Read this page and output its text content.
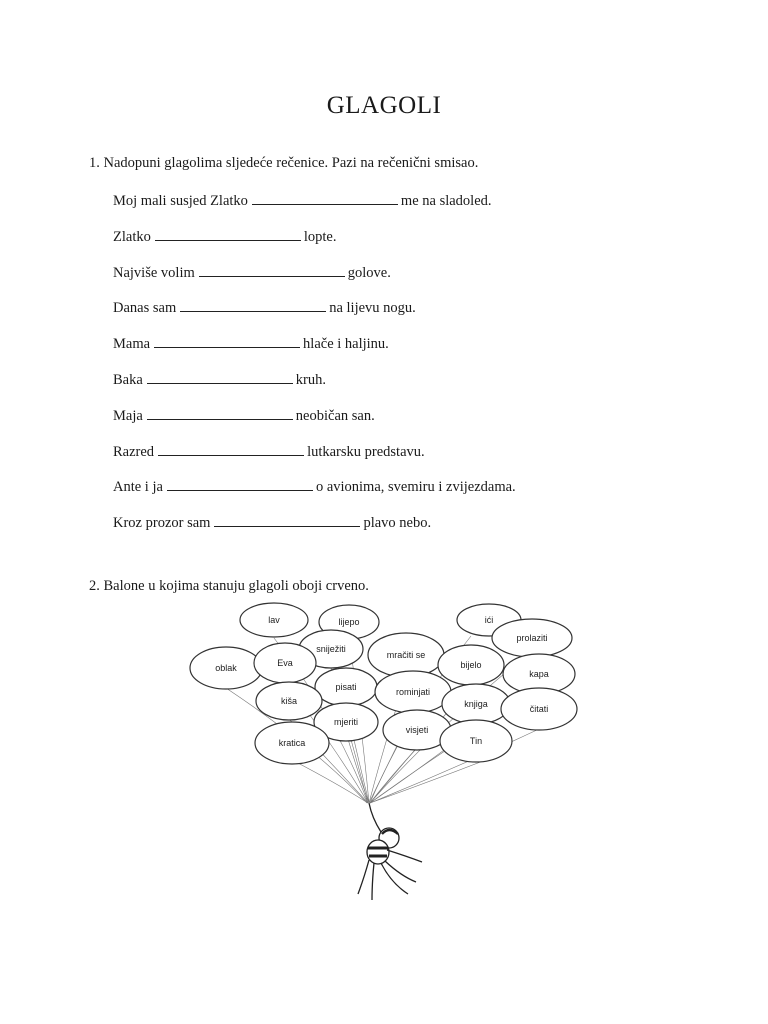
GLAGOLI
1. Nadopuni glagolima sljedeće rečenice. Pazi na rečenični smisao.
Moj mali susjed Zlatko	me na sladoled.
Zlatko	lopte.
Najviše volim	golove.
Danas sam	na lijevu nogu.
Mama	hlače i haljinu.
Baka	kruh.
Maja	neobičan san.
Razred	lutkarsku predstavu.
Ante i ja	o avionima, svemiru i zvijezdama.
Kroz prozor sam	plavo nebo.
2. Balone u kojima stanuju glagoli oboji crveno.
lav	lijepo	ići
prolaziti
sniježiti
oblak	Eva
mračiti se
bijelo
kapa
pisati	rominjati
kiša	knjiga	čitati
mjeriti
visjeti
kratica	Tin
